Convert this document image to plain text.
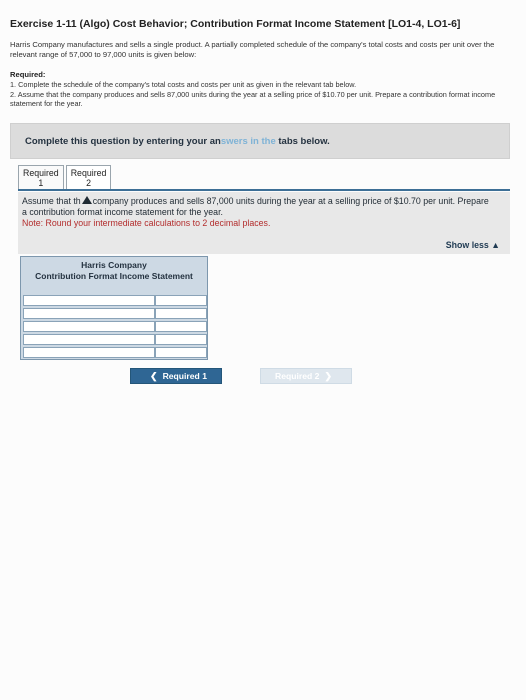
Exercise 1-11 (Algo) Cost Behavior; Contribution Format Income Statement [LO1-4, LO1-6]
Harris Company manufactures and sells a single product. A partially completed schedule of the company's total costs and costs per unit over the relevant range of 57,000 to 97,000 units is given below:
Required:
1. Complete the schedule of the company's total costs and costs per unit as given in the relevant tab below.
2. Assume that the company produces and sells 87,000 units during the year at a selling price of $10.70 per unit. Prepare a contribution format income statement for the year.
Complete this question by entering your answers in the tabs below.
Required
1
Required
2
Assume that th company produces and sells 87,000 units during the year at a selling price of $10.70 per unit. Prepare a contribution format income statement for the year.
Note: Round your intermediate calculations to 2 decimal places.
Show less ▲
Harris Company
Contribution Format Income Statement
❮ Required 1	Required 2 ❯
